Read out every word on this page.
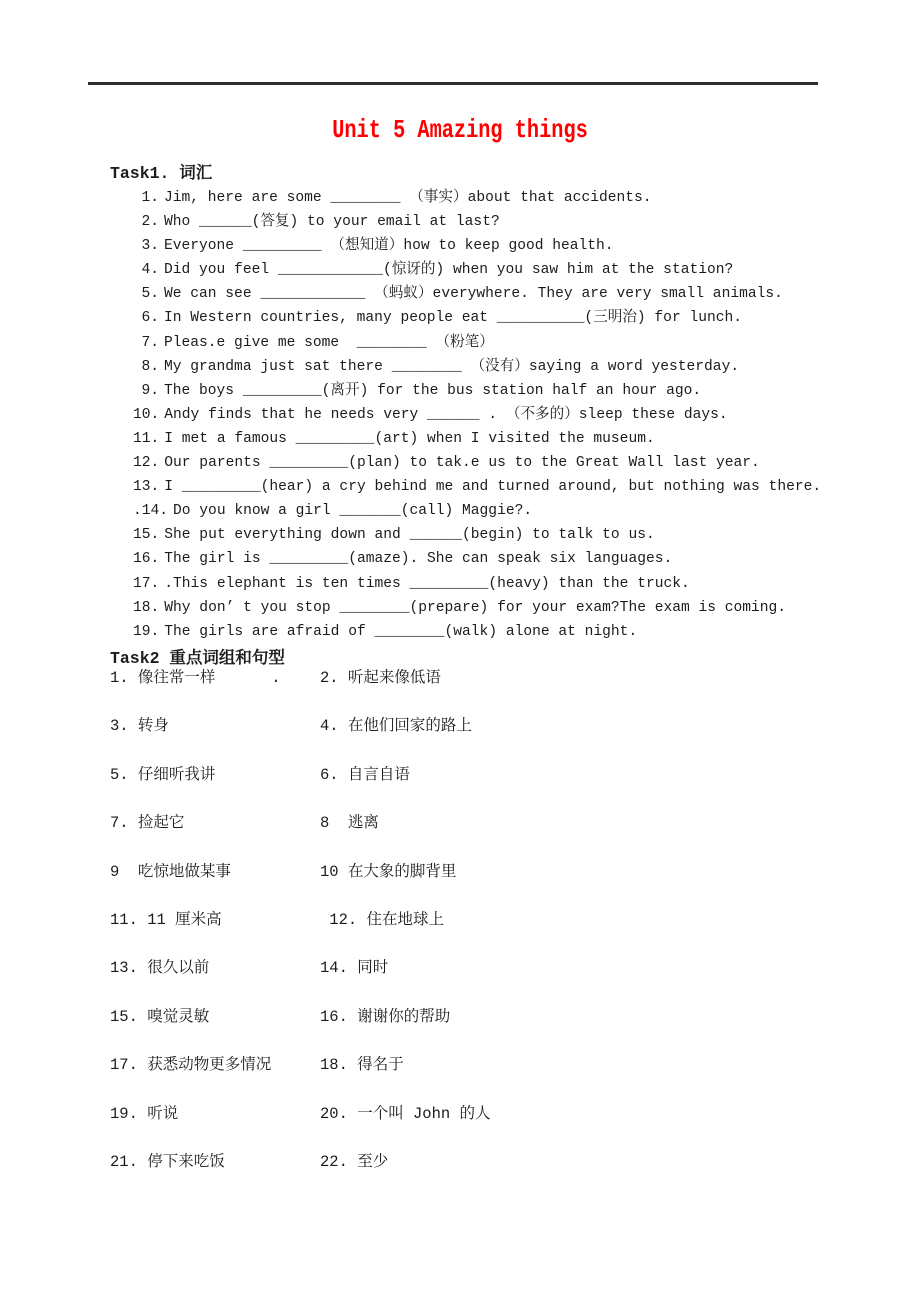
Unit 5 Amazing things
Task1. 词汇
1. Jim, here are some ________ （事实）about that accidents.
2. Who ______(答复) to your email at last?
3. Everyone _________ （想知道）how to keep good health.
4. Did you feel ____________(惊讶的) when you saw him at the station?
5. We can see ____________ （蚂蚁）everywhere. They are very small animals.
6. In Western countries, many people eat __________(三明治) for lunch.
7. Pleas.e give me some  ________ （粉笔）
8. My grandma just sat there ________ （没有）saying a word yesterday.
9. The boys _________(离开) for the bus station half an hour ago.
10. Andy finds that he needs very ______ . （不多的）sleep these days.
11. I met a famous _________(art) when I visited the museum.
12. Our parents _________(plan) to tak.e us to the Great Wall last year.
13. I _________(hear) a cry behind me and turned around, but nothing was there.
.14. Do you know a girl _______(call) Maggie?.
15. She put everything down and ______(begin) to talk to us.
16. The girl is _________(amaze). She can speak six languages.
17. .This elephant is ten times _________(heavy) than the truck.
18. Why don’ t you stop ________(prepare) for your exam?The exam is coming.
19. The girls are afraid of ________(walk) alone at night.
Task2 重点词组和句型
1. 像往常一样      .	2. 听起来像低语
3. 转身	4. 在他们回家的路上
5. 仔细听我讲	6. 自言自语
7. 捡起它	8  逃离
9  吃惊地做某事	10 在大象的脚背里
11. 11 厘米高	12. 住在地球上
13. 很久以前	14. 同时
15. 嗅觉灵敏	16. 谢谢你的帮助
17. 获悉动物更多情况	18. 得名于
19. 听说	20. 一个叫 John 的人
21. 停下来吃饭	22. 至少
